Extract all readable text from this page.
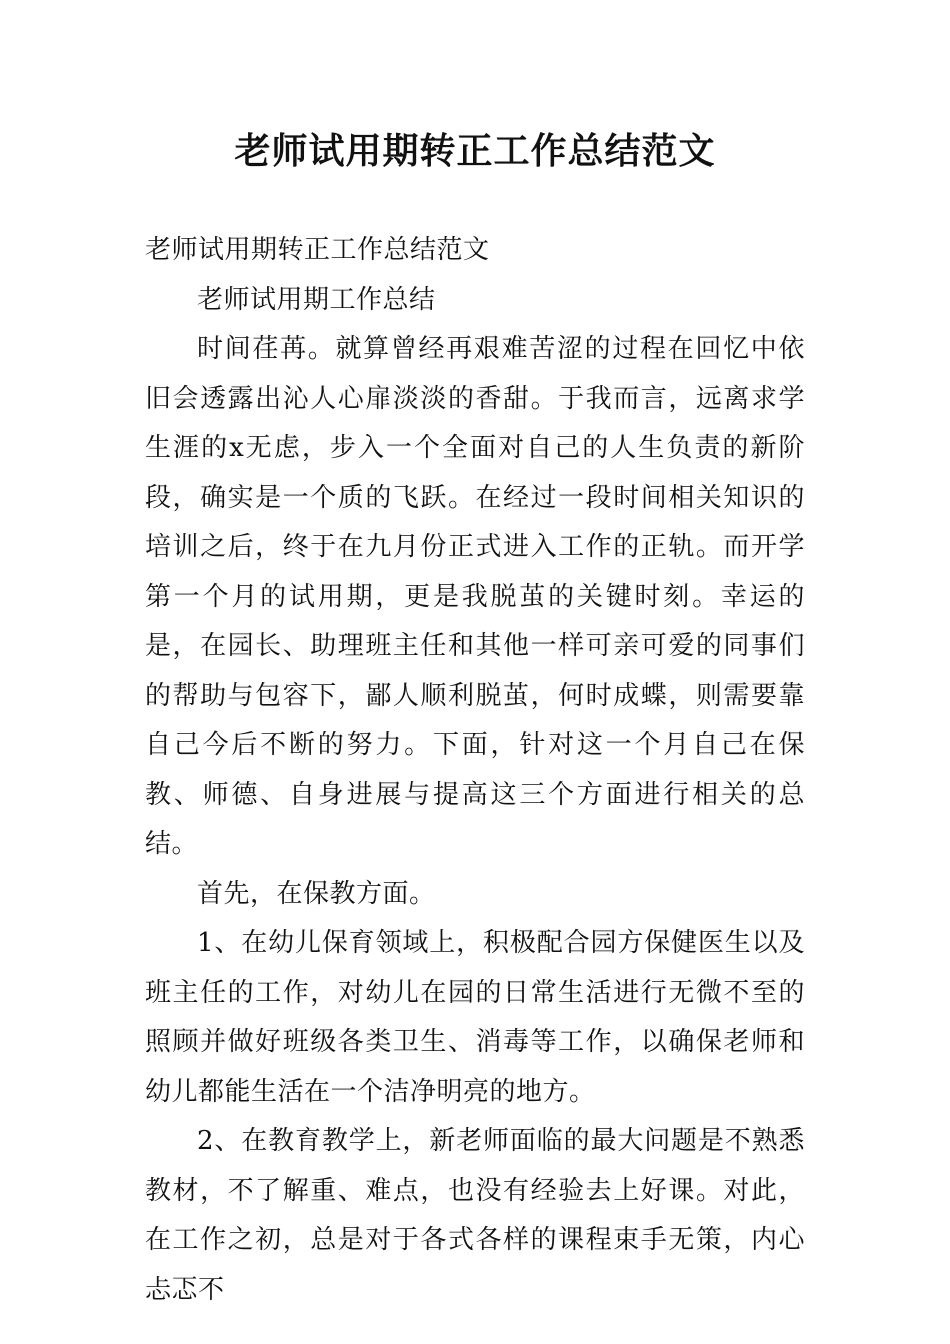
老师试用期转正工作总结范文

老师试用期转正工作总结范文

老师试用期工作总结

时间荏苒。就算曾经再艰难苦涩的过程在回忆中依旧会透露出沁人心扉淡淡的香甜。于我而言，远离求学生涯的x无虑，步入一个全面对自己的人生负责的新阶段，确实是一个质的飞跃。在经过一段时间相关知识的培训之后，终于在九月份正式进入工作的正轨。而开学第一个月的试用期，更是我脱茧的关键时刻。幸运的是，在园长、助理班主任和其他一样可亲可爱的同事们的帮助与包容下，鄙人顺利脱茧，何时成蝶，则需要靠自己今后不断的努力。下面，针对这一个月自己在保教、师德、自身进展与提高这三个方面进行相关的总结。

首先，在保教方面。

1、在幼儿保育领域上，积极配合园方保健医生以及班主任的工作，对幼儿在园的日常生活进行无微不至的照顾并做好班级各类卫生、消毒等工作，以确保老师和幼儿都能生活在一个洁净明亮的地方。

2、在教育教学上，新老师面临的最大问题是不熟悉教材，不了解重、难点，也没有经验去上好课。对此，在工作之初，总是对于各式各样的课程束手无策，内心忐忑不
